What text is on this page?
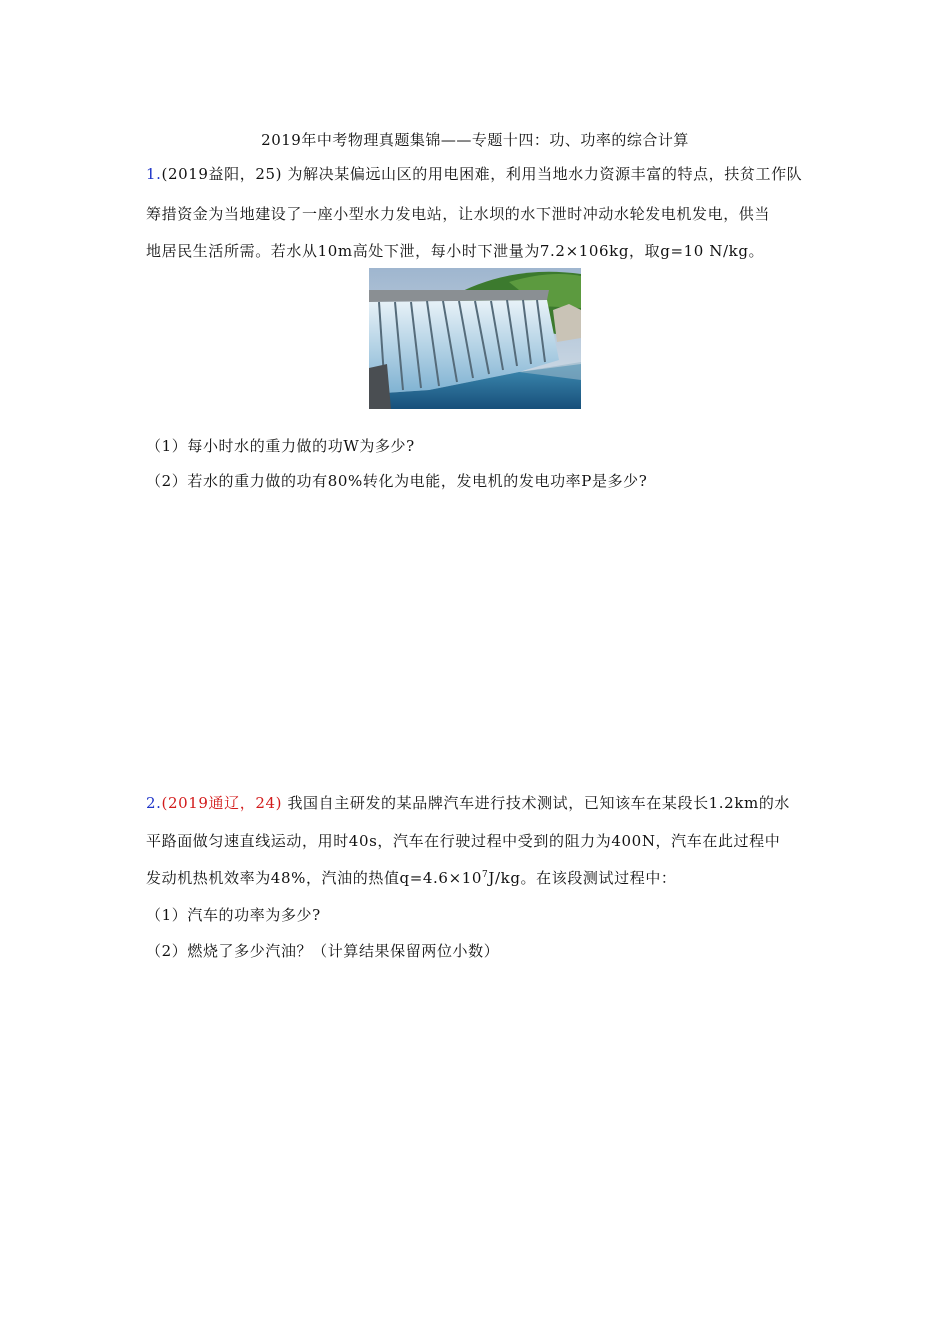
2019年中考物理真题集锦——专题十四：功、功率的综合计算
1.(2019益阳，25) 为解决某偏远山区的用电困难，利用当地水力资源丰富的特点，扶贫工作队
筹措资金为当地建设了一座小型水力发电站，让水坝的水下泄时冲动水轮发电机发电，供当
地居民生活所需。若水从10m高处下泄，每小时下泄量为7.2×106kg，取g=10 N/kg。
（1）每小时水的重力做的功W为多少?
（2）若水的重力做的功有80%转化为电能，发电机的发电功率P是多少?
2.(2019通辽，24) 我国自主研发的某品牌汽车进行技术测试，已知该车在某段长1.2km的水
平路面做匀速直线运动，用时40s，汽车在行驶过程中受到的阻力为400N，汽车在此过程中
发动机热机效率为48%，汽油的热值$q=4.6\times 10^7J/kg$。在该段测试过程中：
（1）汽车的功率为多少?
（2）燃烧了多少汽油？（计算结果保留两位小数）
